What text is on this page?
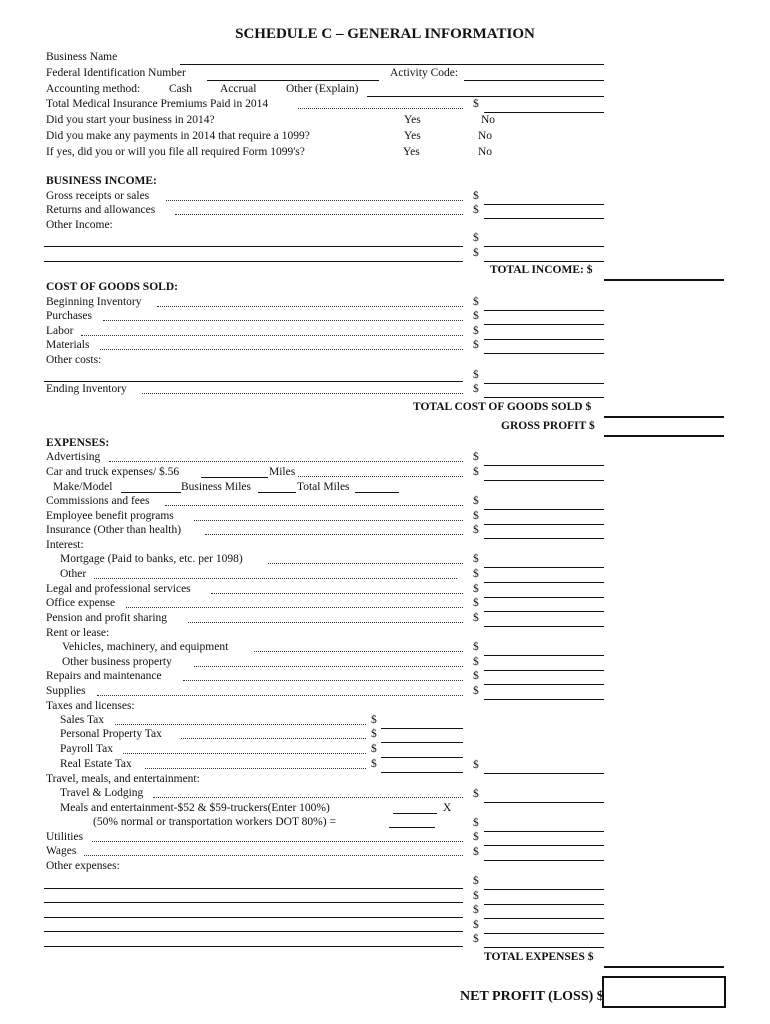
SCHEDULE C – GENERAL INFORMATION
Business Name
Federal Identification Number	Activity Code:
Accounting method:	Cash Accrual	Other (Explain)
Total Medical Insurance Premiums Paid in 2014	$
Did you start your business in 2014?	Yes	No
Did you make any payments in 2014 that require a 1099?	Yes	No
If yes, did you or will you file all required Form 1099's?	Yes	No
BUSINESS INCOME:
Gross receipts or sales	$
Returns and allowances	$
Other Income:
$
$
TOTAL INCOME: $
COST OF GOODS SOLD:
Beginning Inventory	$
Purchases	$
Labor	$
Materials	$
Other costs:
$
Ending Inventory	$
TOTAL COST OF GOODS SOLD $
GROSS PROFIT $
EXPENSES:
Advertising	$
Car and truck expenses/ $.56	Miles	$
Make/Model	Business Miles	Total Miles
Commissions and fees	$
Employee benefit programs	$
Insurance (Other than health)	$
Interest:
Mortgage (Paid to banks, etc. per 1098)	$
Other	$
Legal and professional services	$
Office expense	$
Pension and profit sharing	$
Rent or lease:
Vehicles, machinery, and equipment	$
Other business property	$
Repairs and maintenance	$
Supplies	$
Taxes and licenses:
Sales Tax	$
Personal Property Tax	$
Payroll Tax	$
Real Estate Tax	$	$
Travel, meals, and entertainment:
Travel & Lodging	$
Meals and entertainment-$52 & $59-truckers(Enter 100%)	X
(50% normal or transportation workers DOT 80%) =	$
Utilities	$
Wages	$
Other expenses:
$
$
$
$
$
TOTAL EXPENSES $
NET PROFIT (LOSS) $
